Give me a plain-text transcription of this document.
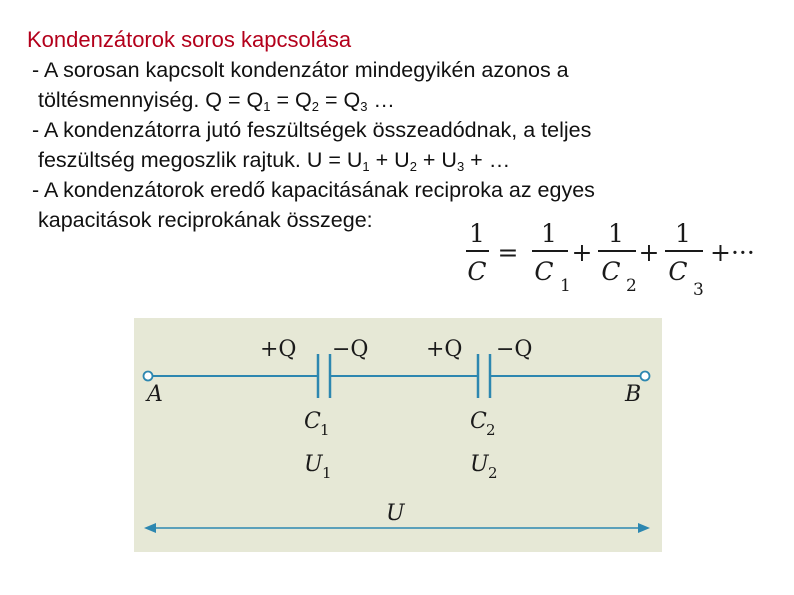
Kondenzátorok soros kapcsolása
- A sorosan kapcsolt kondenzátor mindegyikén azonos a
töltésmennyiség. $Q = Q_1 = Q_2 = Q_3$ …
- A kondenzátorra jutó feszültségek összeadódnak, a teljes
feszültség megoszlik rajtuk. $U = U_1 + U_2 + U_3$ + …
- A kondenzátorok eredő kapacitásának reciproka az egyes
kapacitások reciprokának összege:	1
C
=
1
C 1
+
1
C 2
+
1
C
3
+···
A	B
+Q −Q
C 1
U 1
+Q −Q
C 2
U 2
U
